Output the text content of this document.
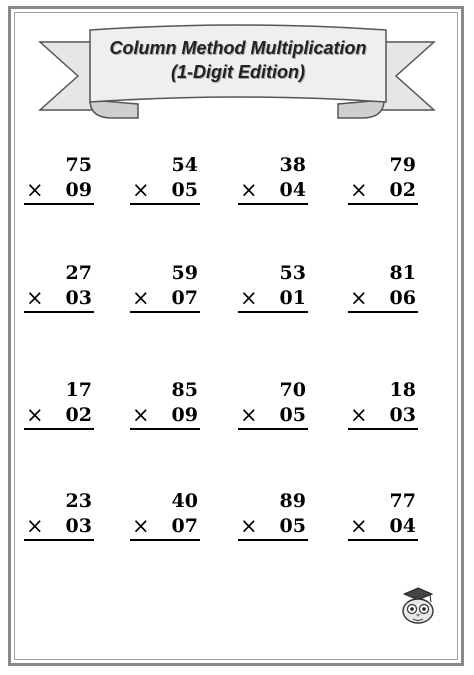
Column Method Multiplication
(1-Digit Edition)
75
× 09
54
× 05
38
× 04
79
× 02
27
× 03
59
× 07
53
× 01
81
× 06
17
× 02
85
× 09
70
× 05
18
× 03
23
× 03
40
× 07
89
× 05
77
× 04
